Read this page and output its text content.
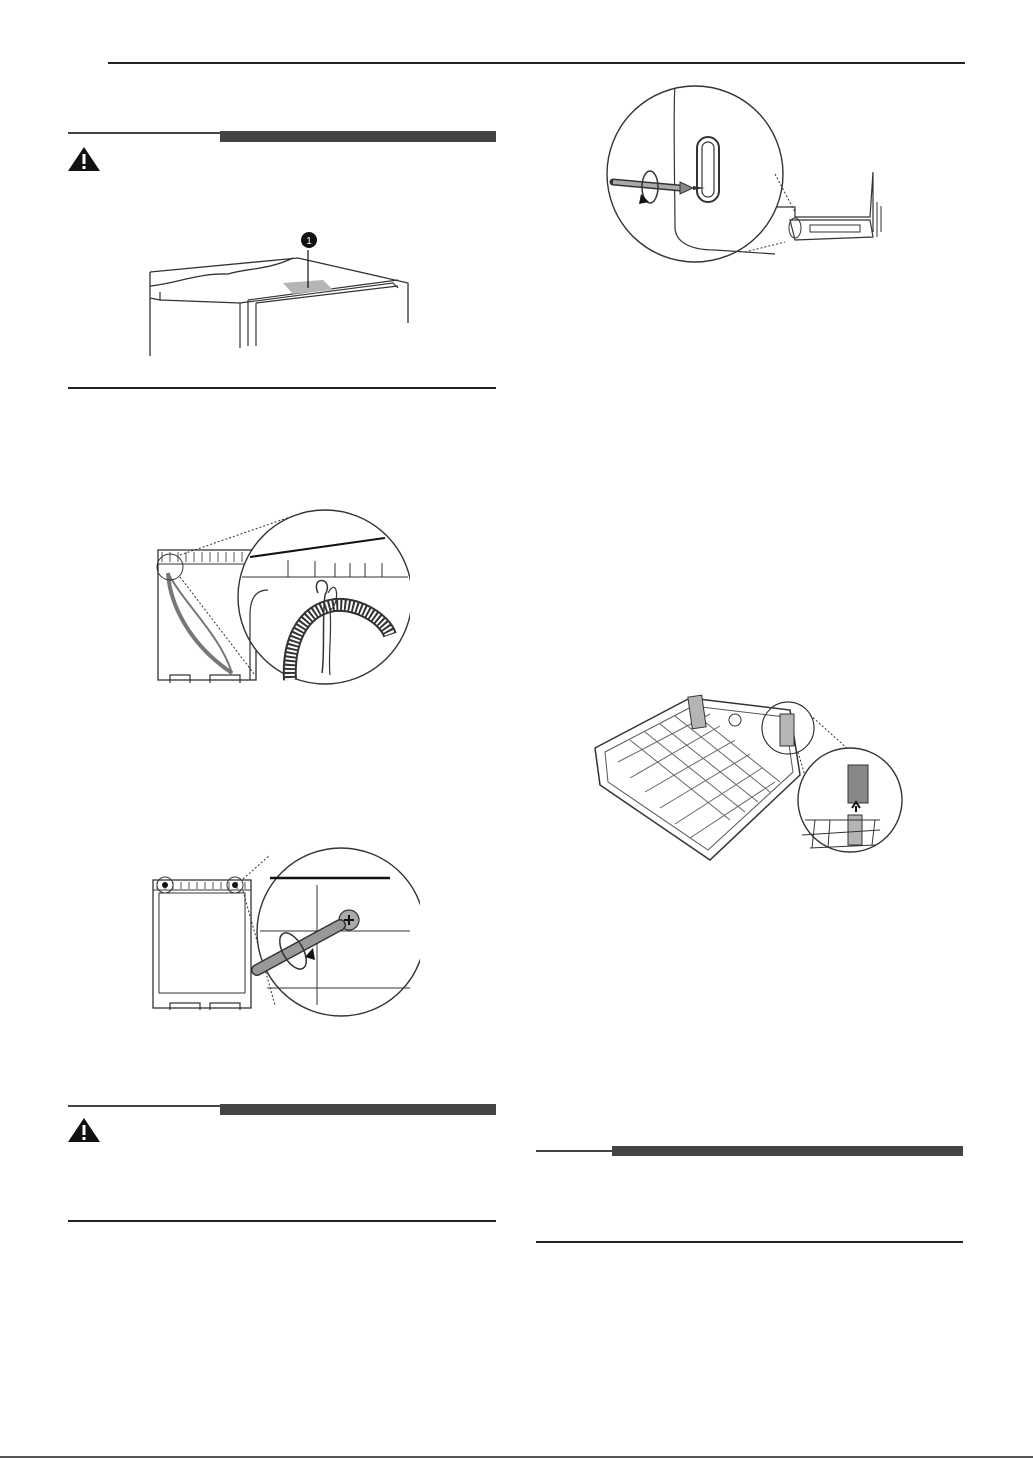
1
